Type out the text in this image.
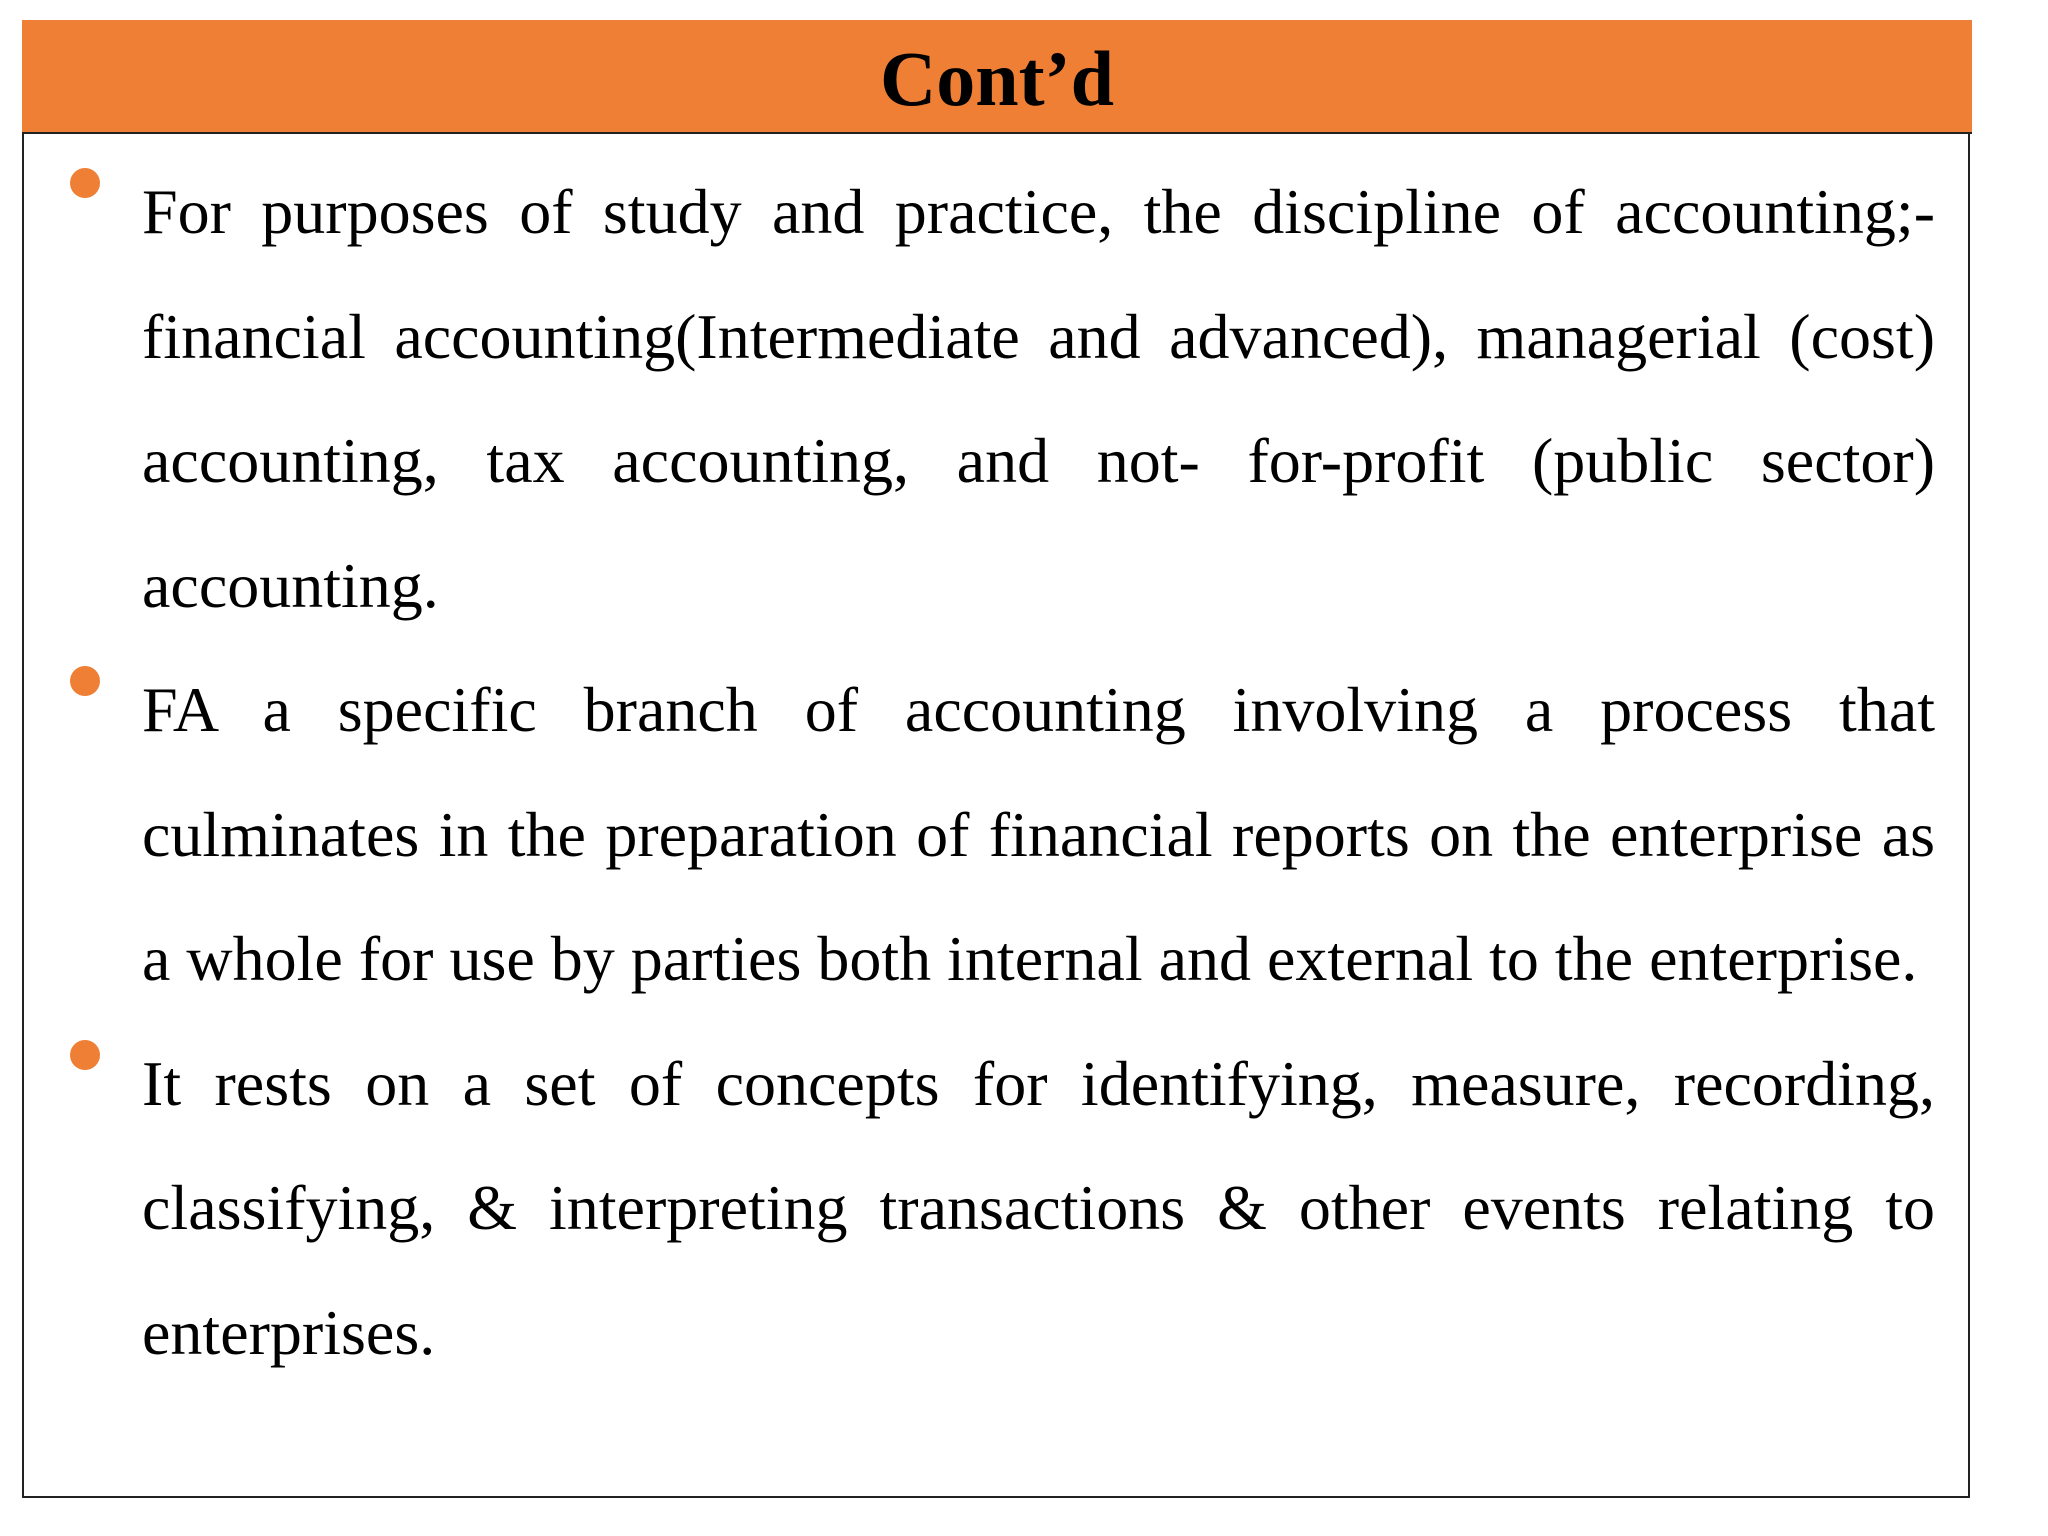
Cont’d
For purposes of study and practice, the discipline of accounting;- financial accounting(Intermediate and advanced), managerial (cost) accounting, tax accounting, and not- for-profit (public sector) accounting.
FA a specific branch of accounting involving a process that culminates in the preparation of financial reports on the enterprise as a whole for use by parties both internal and external to the enterprise.
It rests on a set of concepts for identifying, measure, recording, classifying, & interpreting transactions & other events relating to enterprises.
